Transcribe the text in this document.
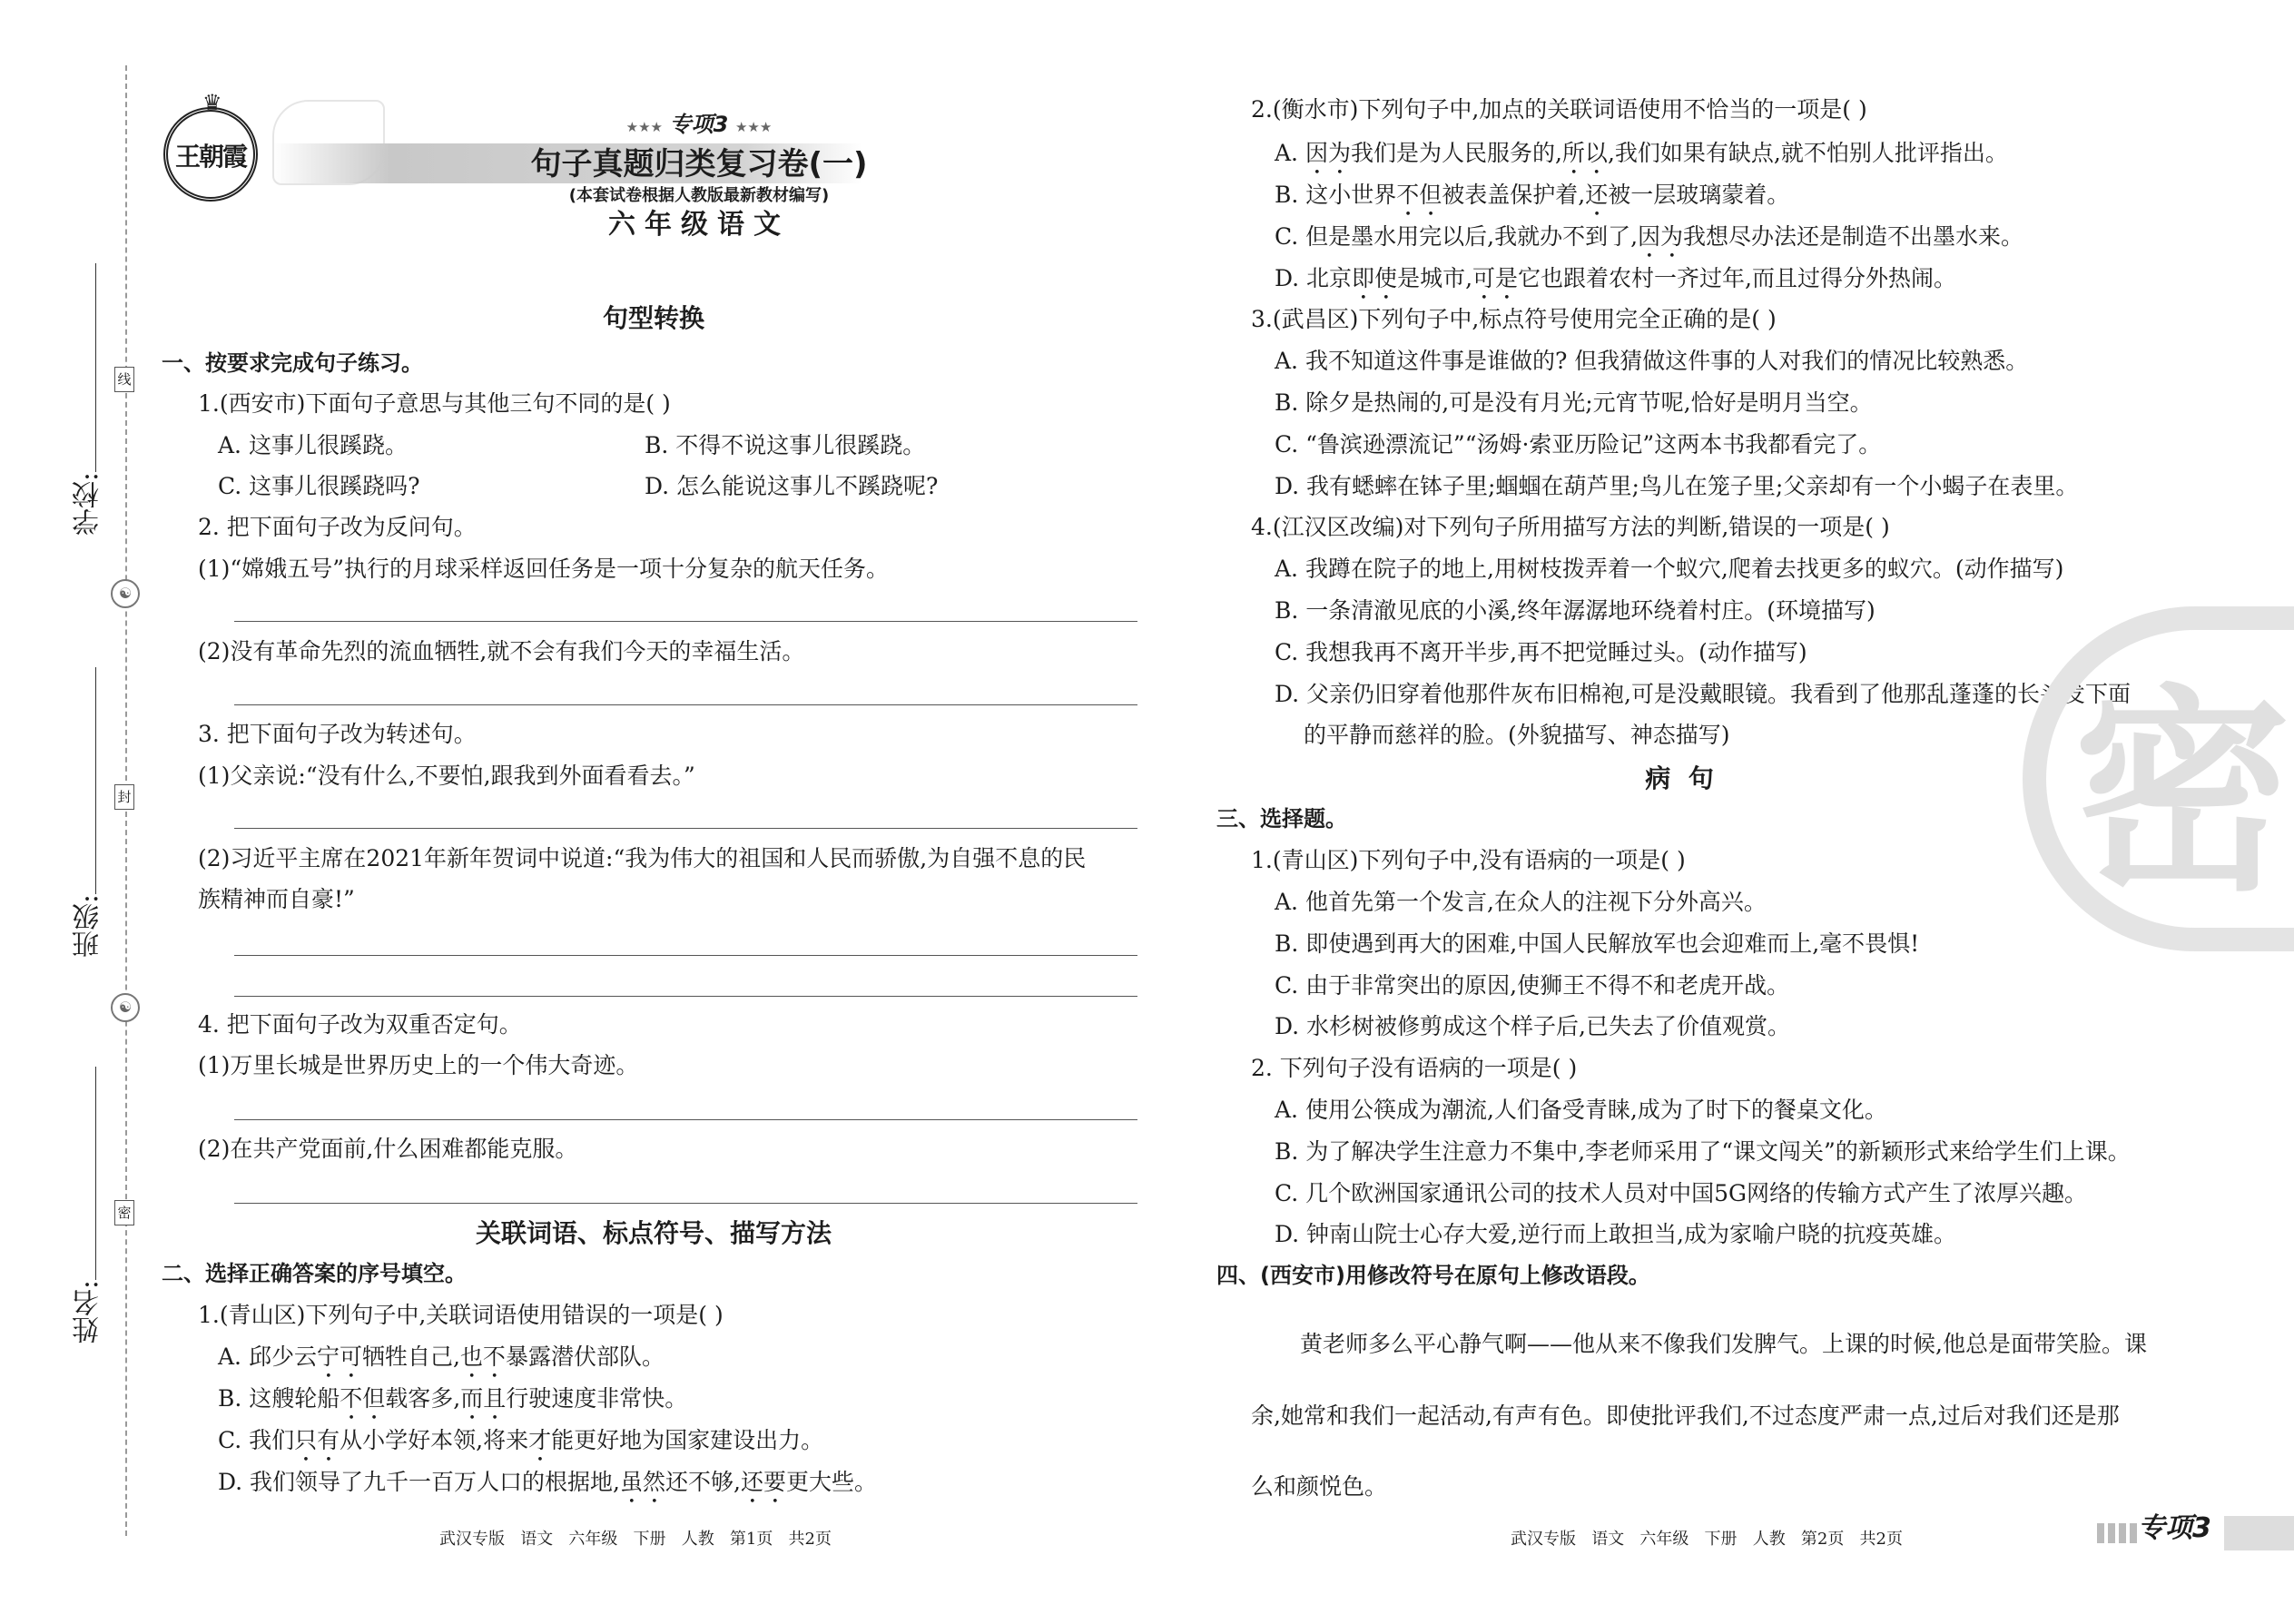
线
☯
封
☯
密
学校:
班级:
姓名:
♛
王朝霞
★★★ 专项3 ★★★
句子真题归类复习卷(一)
(本套试卷根据人教版最新教材编写)
六年级语文
句型转换
一、按要求完成句子练习。
1.(西安市)下面句子意思与其他三句不同的是( )
A. 这事儿很蹊跷。	B. 不得不说这事儿很蹊跷。
C. 这事儿很蹊跷吗?	D. 怎么能说这事儿不蹊跷呢?
2. 把下面句子改为反问句。
(1)“嫦娥五号”执行的月球采样返回任务是一项十分复杂的航天任务。
(2)没有革命先烈的流血牺牲,就不会有我们今天的幸福生活。
3. 把下面句子改为转述句。
(1)父亲说:“没有什么,不要怕,跟我到外面看看去。”
(2)习近平主席在2021年新年贺词中说道:“我为伟大的祖国和人民而骄傲,为自强不息的民
族精神而自豪!”
4. 把下面句子改为双重否定句。
(1)万里长城是世界历史上的一个伟大奇迹。
(2)在共产党面前,什么困难都能克服。
关联词语、标点符号、描写方法
二、选择正确答案的序号填空。
1.(青山区)下列句子中,关联词语使用错误的一项是( )
A. 邱少云宁可牺牲自己,也不暴露潜伏部队。
B. 这艘轮船不但载客多,而且行驶速度非常快。
C. 我们只有从小学好本领,将来才能更好地为国家建设出力。
D. 我们领导了九千一百万人口的根据地,虽然还不够,还要更大些。
武汉专版   语文   六年级   下册   人教   第1页   共2页
2.(衡水市)下列句子中,加点的关联词语使用不恰当的一项是( )
A. 因为我们是为人民服务的,所以,我们如果有缺点,就不怕别人批评指出。
B. 这小世界不但被表盖保护着,还被一层玻璃蒙着。
C. 但是墨水用完以后,我就办不到了,因为我想尽办法还是制造不出墨水来。
D. 北京即使是城市,可是它也跟着农村一齐过年,而且过得分外热闹。
3.(武昌区)下列句子中,标点符号使用完全正确的是( )
A. 我不知道这件事是谁做的? 但我猜做这件事的人对我们的情况比较熟悉。
B. 除夕是热闹的,可是没有月光;元宵节呢,恰好是明月当空。
C. “鲁滨逊漂流记”“汤姆·索亚历险记”这两本书我都看完了。
D. 我有蟋蟀在钵子里;蝈蝈在葫芦里;鸟儿在笼子里;父亲却有一个小蝎子在表里。
4.(江汉区改编)对下列句子所用描写方法的判断,错误的一项是( )
A. 我蹲在院子的地上,用树枝拨弄着一个蚁穴,爬着去找更多的蚁穴。(动作描写)
B. 一条清澈见底的小溪,终年潺潺地环绕着村庄。(环境描写)
C. 我想我再不离开半步,再不把觉睡过头。(动作描写)
D. 父亲仍旧穿着他那件灰布旧棉袍,可是没戴眼镜。我看到了他那乱蓬蓬的长头发下面
的平静而慈祥的脸。(外貌描写、神态描写)
病  句
三、选择题。
1.(青山区)下列句子中,没有语病的一项是( )
A. 他首先第一个发言,在众人的注视下分外高兴。
B. 即使遇到再大的困难,中国人民解放军也会迎难而上,毫不畏惧!
C. 由于非常突出的原因,使狮王不得不和老虎开战。
D. 水杉树被修剪成这个样子后,已失去了价值观赏。
2. 下列句子没有语病的一项是( )
A. 使用公筷成为潮流,人们备受青睐,成为了时下的餐桌文化。
B. 为了解决学生注意力不集中,李老师采用了“课文闯关”的新颖形式来给学生们上课。
C. 几个欧洲国家通讯公司的技术人员对中国5G网络的传输方式产生了浓厚兴趣。
D. 钟南山院士心存大爱,逆行而上敢担当,成为家喻户晓的抗疫英雄。
四、(西安市)用修改符号在原句上修改语段。
黄老师多么平心静气啊——他从来不像我们发脾气。上课的时候,他总是面带笑脸。课
余,她常和我们一起活动,有声有色。即使批评我们,不过态度严肃一点,过后对我们还是那
么和颜悦色。
武汉专版   语文   六年级   下册   人教   第2页   共2页	专项3
密
